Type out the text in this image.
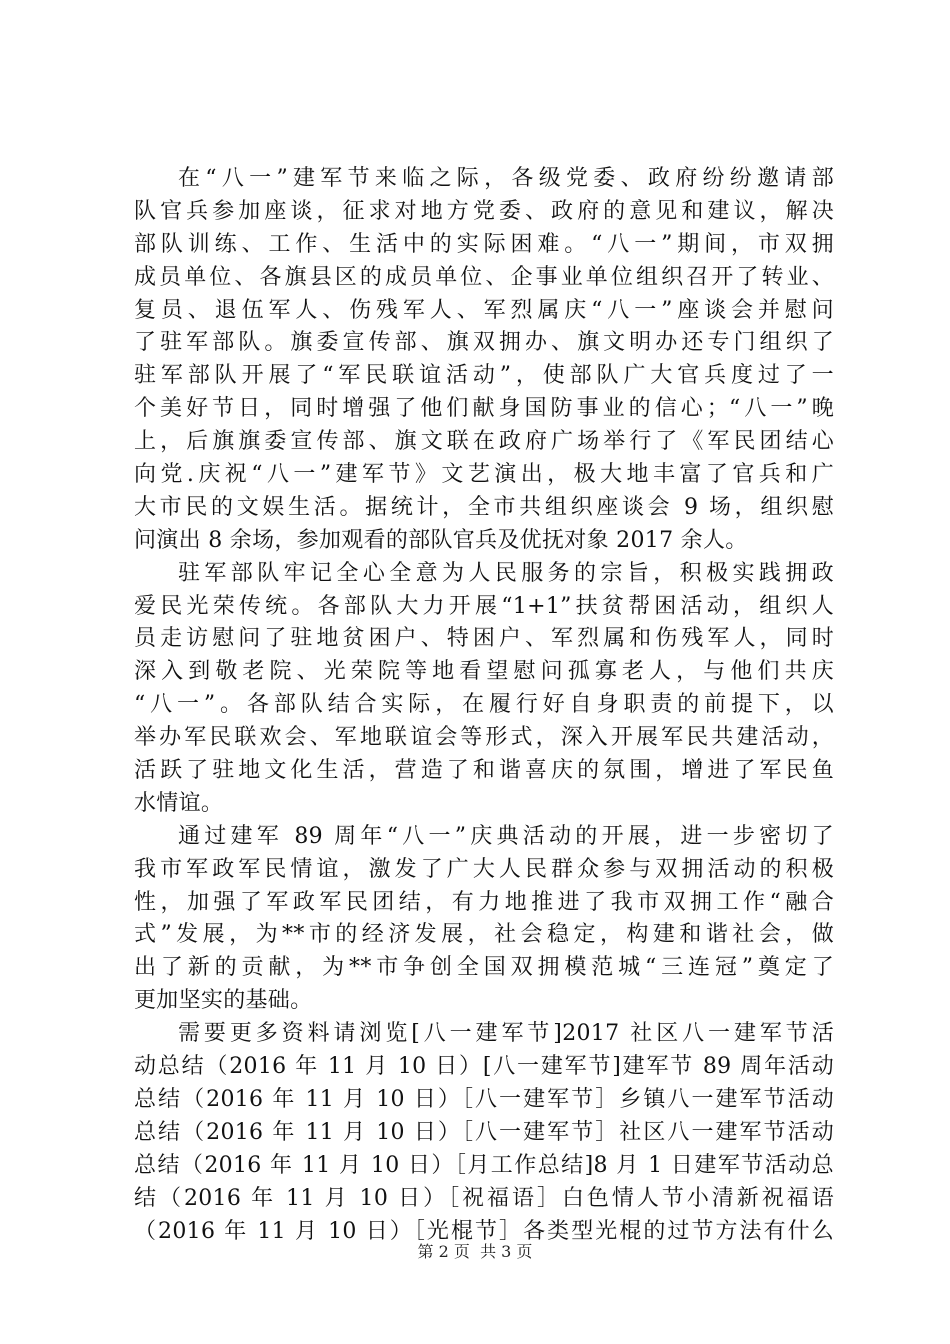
在“八一”建军节来临之际，各级党委、政府纷纷邀请部
队官兵参加座谈，征求对地方党委、政府的意见和建议，解决
部队训练、工作、生活中的实际困难。“八一”期间，市双拥
成员单位、各旗县区的成员单位、企事业单位组织召开了转业、
复员、退伍军人、伤残军人、军烈属庆“八一”座谈会并慰问
了驻军部队。旗委宣传部、旗双拥办、旗文明办还专门组织了
驻军部队开展了“军民联谊活动”，使部队广大官兵度过了一
个美好节日，同时增强了他们献身国防事业的信心；“八一”晚
上，后旗旗委宣传部、旗文联在政府广场举行了《军民团结心
向党.庆祝“八一”建军节》文艺演出，极大地丰富了官兵和广
大市民的文娱生活。据统计，全市共组织座谈会 9 场，组织慰
问演出 8 余场，参加观看的部队官兵及优抚对象 2017 余人。
驻军部队牢记全心全意为人民服务的宗旨，积极实践拥政
爱民光荣传统。各部队大力开展“1+1”扶贫帮困活动，组织人
员走访慰问了驻地贫困户、特困户、军烈属和伤残军人，同时
深入到敬老院、光荣院等地看望慰问孤寡老人，与他们共庆
“八一”。各部队结合实际，在履行好自身职责的前提下，以
举办军民联欢会、军地联谊会等形式，深入开展军民共建活动，
活跃了驻地文化生活，营造了和谐喜庆的氛围，增进了军民鱼
水情谊。
通过建军 89 周年“八一”庆典活动的开展，进一步密切了
我市军政军民情谊，激发了广大人民群众参与双拥活动的积极
性，加强了军政军民团结，有力地推进了我市双拥工作“融合
式”发展，为**市的经济发展，社会稳定，构建和谐社会，做
出了新的贡献，为**市争创全国双拥模范城“三连冠”奠定了
更加坚实的基础。
需要更多资料请浏览[八一建军节]2017 社区八一建军节活
动总结（2016 年 11 月 10 日）[八一建军节]建军节 89 周年活动
总结（2016 年 11 月 10 日）［八一建军节］乡镇八一建军节活动
总结（2016 年 11 月 10 日）［八一建军节］社区八一建军节活动
总结（2016 年 11 月 10 日）［月工作总结]8 月 1 日建军节活动总
结（2016 年 11 月 10 日）［祝福语］白色情人节小清新祝福语
（2016 年 11 月 10 日）［光棍节］各类型光棍的过节方法有什么
第 2 页  共 3 页
